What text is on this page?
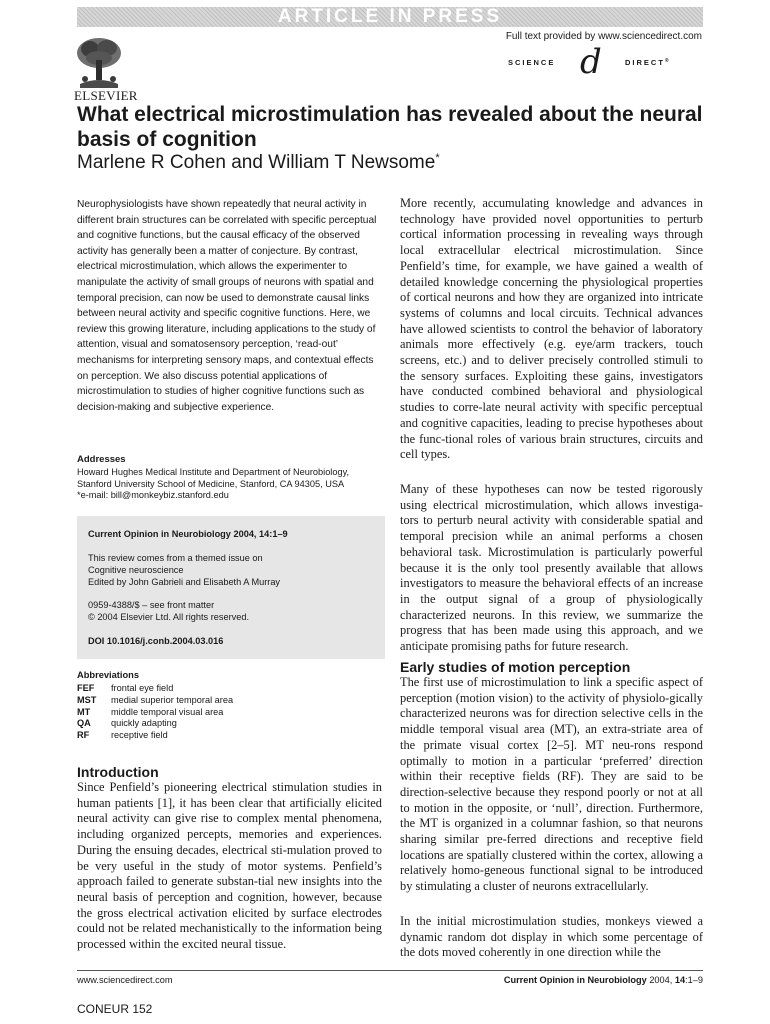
ARTICLE IN PRESS
Full text provided by www.sciencedirect.com
SCIENCE d	DIRECT®
ELSEVIER
What electrical microstimulation has revealed about the neural basis of cognition
Marlene R Cohen and William T Newsome*

Neurophysiologists have shown repeatedly that neural activity in different brain structures can be correlated with specific perceptual and cognitive functions, but the causal efficacy of the observed activity has generally been a matter of conjecture. By contrast, electrical microstimulation, which allows the experimenter to manipulate the activity of small groups of neurons with spatial and temporal precision, can now be used to demonstrate causal links between neural activity and specific cognitive functions. Here, we review this growing literature, including applications to the study of attention, visual and somatosensory perception, ‘read-out’ mechanisms for interpreting sensory maps, and contextual effects on perception. We also discuss potential applications of microstimulation to studies of higher cognitive functions such as decision-making and subjective experience.

Addresses
Howard Hughes Medical Institute and Department of Neurobiology, Stanford University School of Medicine, Stanford, CA 94305, USA
*e-mail: bill@monkeybiz.stanford.edu
Current Opinion in Neurobiology 2004, 14:1–9
This review comes from a themed issue on
Cognitive neuroscience
Edited by John Gabrieli and Elisabeth A Murray
0959-4388/$ – see front matter
© 2004 Elsevier Ltd. All rights reserved.
DOI 10.1016/j.conb.2004.03.016
Abbreviations
FEF frontal eye field
MST medial superior temporal area
MT middle temporal visual area
QA quickly adapting
RF receptive field
Introduction

Since Penfield’s pioneering electrical stimulation studies in human patients [1], it has been clear that artificially elicited neural activity can give rise to complex mental phenomena, including organized percepts, memories and experiences. During the ensuing decades, electrical sti-mulation proved to be very useful in the study of motor systems. Penfield’s approach failed to generate substan-tial new insights into the neural basis of perception and cognition, however, because the gross electrical activation elicited by surface electrodes could not be related mechanistically to the information being processed within the excited neural tissue.

More recently, accumulating knowledge and advances in technology have provided novel opportunities to perturb cortical information processing in revealing ways through local extracellular electrical microstimulation. Since Penfield’s time, for example, we have gained a wealth of detailed knowledge concerning the physiological properties of cortical neurons and how they are organized into intricate systems of columns and local circuits. Technical advances have allowed scientists to control the behavior of laboratory animals more effectively (e.g. eye/arm trackers, touch screens, etc.) and to deliver precisely controlled stimuli to the sensory surfaces. Exploiting these gains, investigators have conducted combined behavioral and physiological studies to corre-late neural activity with specific perceptual and cognitive capacities, leading to precise hypotheses about the func-tional roles of various brain structures, circuits and cell types.

Many of these hypotheses can now be tested rigorously using electrical microstimulation, which allows investiga-tors to perturb neural activity with considerable spatial and temporal precision while an animal performs a chosen behavioral task. Microstimulation is particularly powerful because it is the only tool presently available that allows investigators to measure the behavioral effects of an increase in the output signal of a group of physiologically characterized neurons. In this review, we summarize the progress that has been made using this approach, and we anticipate promising paths for future research.

Early studies of motion perception

The first use of microstimulation to link a specific aspect of perception (motion vision) to the activity of physiolo-gically characterized neurons was for direction selective cells in the middle temporal visual area (MT), an extra-striate area of the primate visual cortex [2–5]. MT neu-rons respond optimally to motion in a particular ‘preferred’ direction within their receptive fields (RF). They are said to be direction-selective because they respond poorly or not at all to motion in the opposite, or ‘null’, direction. Furthermore, the MT is organized in a columnar fashion, so that neurons sharing similar pre-ferred directions and receptive field locations are spatially clustered within the cortex, allowing a relatively homo-geneous functional signal to be introduced by stimulating a cluster of neurons extracellularly.

In the initial microstimulation studies, monkeys viewed a dynamic random dot display in which some percentage of the dots moved coherently in one direction while the

www.sciencedirect.com	Current Opinion in Neurobiology 2004, 14:1–9
CONEUR 152
